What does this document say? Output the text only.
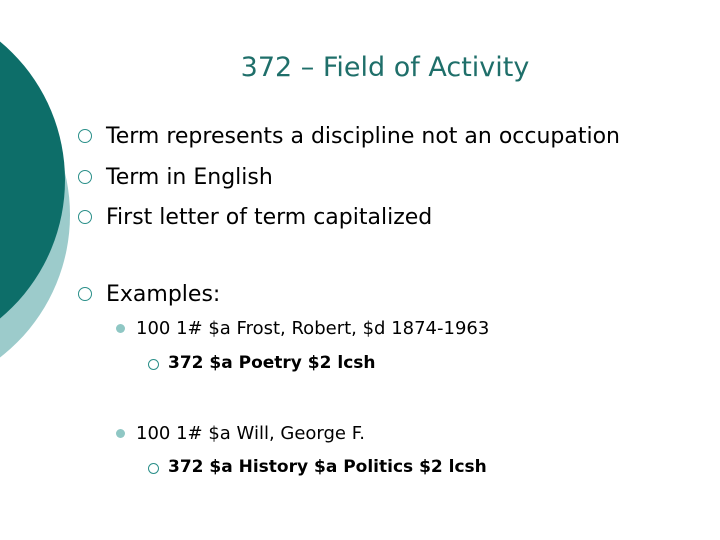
372 – Field of Activity
Term represents a discipline not an occupation
Term in English
First letter of term capitalized
Examples:
100 1# $a Frost, Robert, $d 1874-1963
372 $a Poetry $2 lcsh
100 1# $a Will, George F.
372 $a History $a Politics $2 lcsh
